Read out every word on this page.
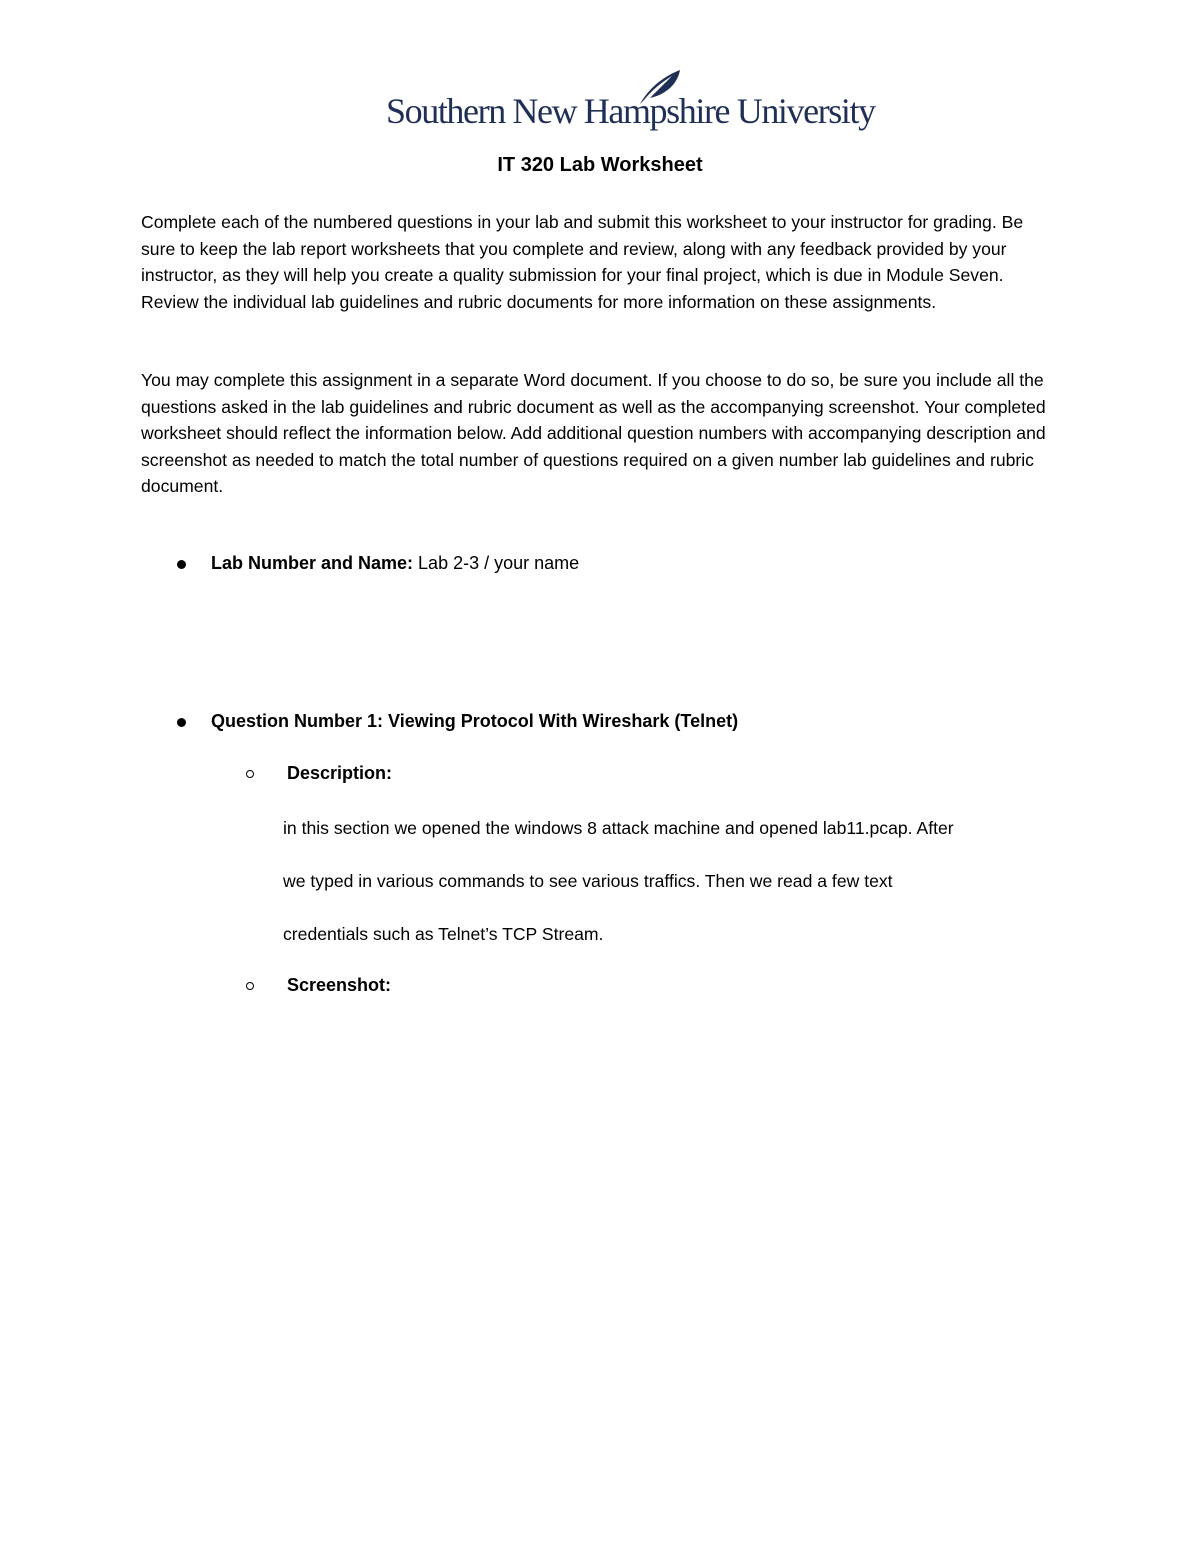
Southern New Hampshire University
IT 320 Lab Worksheet

Complete each of the numbered questions in your lab and submit this worksheet to your instructor for grading. Be sure to keep the lab report worksheets that you complete and review, along with any feedback provided by your instructor, as they will help you create a quality submission for your final project, which is due in Module Seven. Review the individual lab guidelines and rubric documents for more information on these assignments.

You may complete this assignment in a separate Word document. If you choose to do so, be sure you include all the questions asked in the lab guidelines and rubric document as well as the accompanying screenshot. Your completed worksheet should reflect the information below. Add additional question numbers with accompanying description and screenshot as needed to match the total number of questions required on a given number lab guidelines and rubric document.

Lab Number and Name: Lab 2-3 / your name
Question Number 1: Viewing Protocol With Wireshark (Telnet)
Description:
in this section we opened the windows 8 attack machine and opened lab11.pcap. After
we typed in various commands to see various traffics. Then we read a few text
credentials such as Telnet’s TCP Stream.
Screenshot:
